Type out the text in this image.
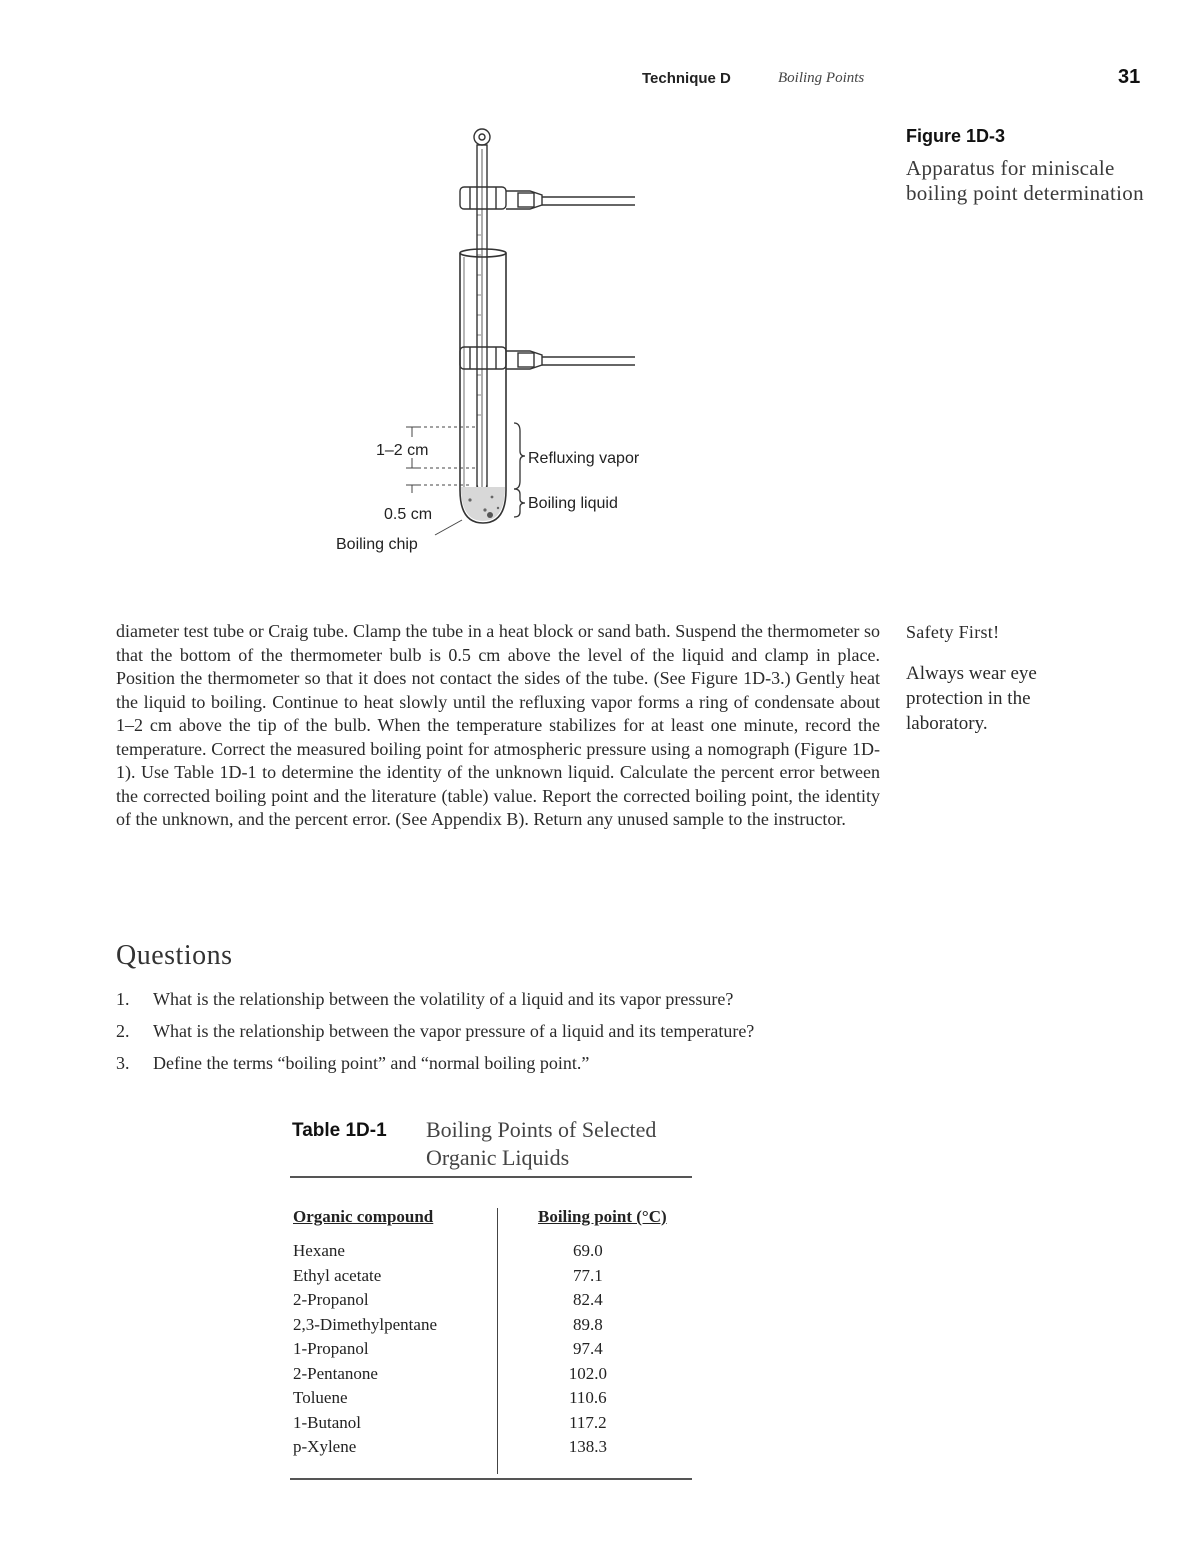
Technique D	Boiling Points	31
Figure 1D-3
Apparatus for miniscale boiling point determination
1–2 cm
0.5 cm
Boiling chip
Refluxing vapor
Boiling liquid
diameter test tube or Craig tube. Clamp the tube in a heat block or sand bath. Suspend the thermometer so that the bottom of the thermometer bulb is 0.5 cm above the level of the liquid and clamp in place. Position the thermometer so that it does not contact the sides of the tube. (See Figure 1D-3.) Gently heat the liquid to boiling. Continue to heat slowly until the refluxing vapor forms a ring of condensate about 1–2 cm above the tip of the bulb. When the temperature stabilizes for at least one minute, record the temperature. Correct the measured boiling point for atmospheric pressure using a nomograph (Figure 1D-1). Use Table 1D-1 to determine the identity of the unknown liquid. Calculate the percent error between the corrected boiling point and the literature (table) value. Report the corrected boiling point, the identity of the unknown, and the percent error. (See Appendix B). Return any unused sample to the instructor.
Safety First!
Always wear eye protection in the laboratory.
Questions
1.	What is the relationship between the volatility of a liquid and its vapor pressure?
2.	What is the relationship between the vapor pressure of a liquid and its temperature?
3.	Define the terms “boiling point” and “normal boiling point.”
Table 1D-1 Boiling Points of Selected Organic Liquids
Organic compound	Boiling point (°C)
Hexane	69.0
Ethyl acetate	77.1
2-Propanol	82.4
2,3-Dimethylpentane	89.8
1-Propanol	97.4
2-Pentanone	102.0
Toluene	110.6
1-Butanol	117.2
p-Xylene	138.3
